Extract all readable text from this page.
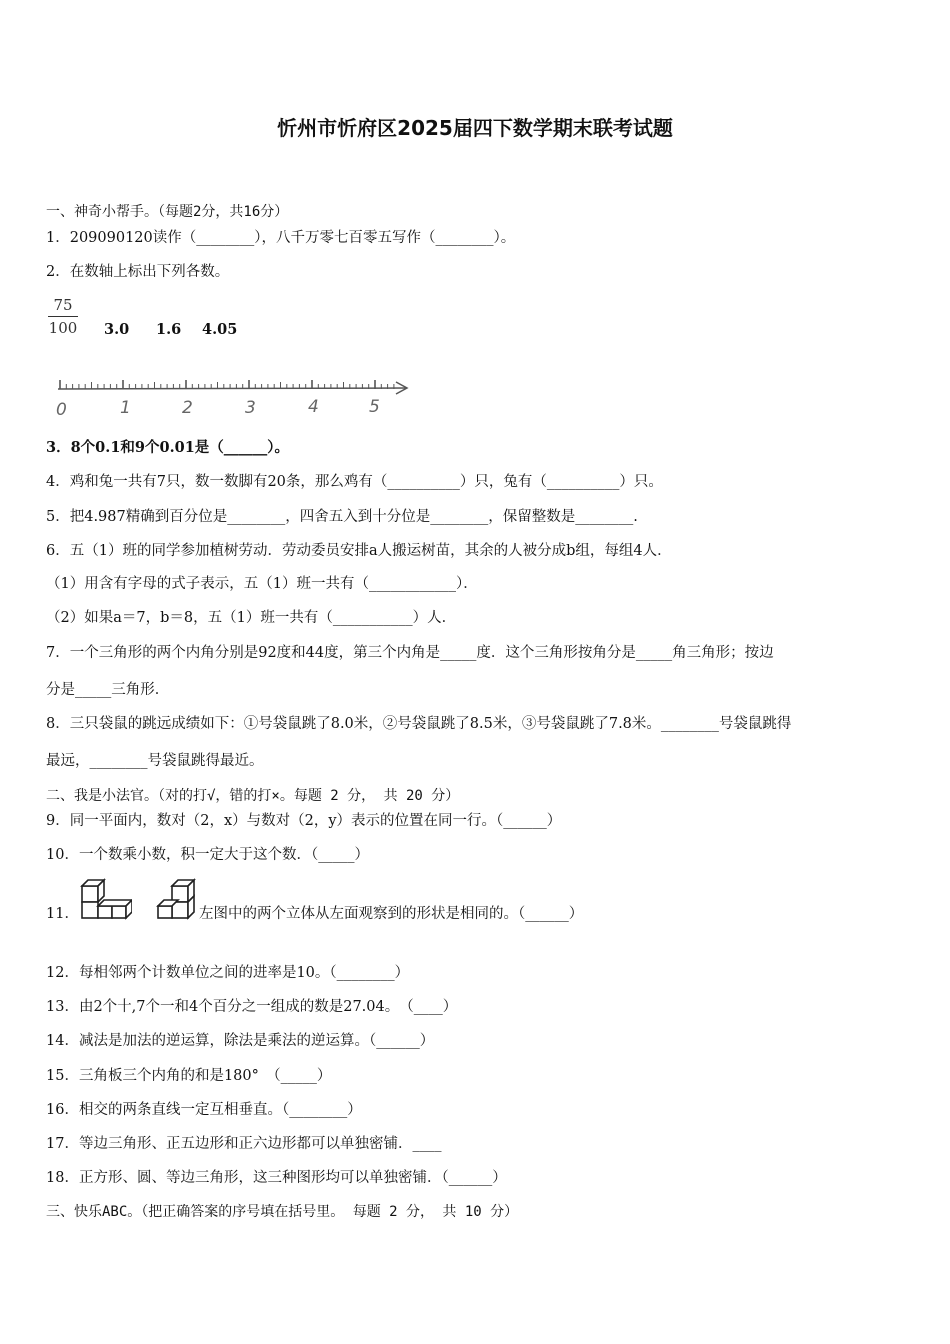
忻州市忻府区2025届四下数学期末联考试题
一、神奇小帮手。（每题2分，共16分）
1．209090120读作（________），八千万零七百零五写作（________）。
2．在数轴上标出下列各数。
$\frac{75}{100} 3.0$ 1.6 4.05
0	1	2	3	4	5
3．8个0.1和9个0.01是（______）。
4．鸡和兔一共有7只，数一数脚有20条，那么鸡有（__________）只，兔有（__________）只。
5．把4.987精确到百分位是________，四舍五入到十分位是________，保留整数是________.
6．五（1）班的同学参加植树劳动．劳动委员安排a人搬运树苗，其余的人被分成b组，每组4人．
（1）用含有字母的式子表示，五（1）班一共有（____________）．
（2）如果a＝7，b＝8，五（1）班一共有（___________）人．
7．一个三角形的两个内角分别是92度和44度，第三个内角是_____度．这个三角形按角分是_____角三角形；按边
分是_____三角形．
8．三只袋鼠的跳远成绩如下：①号袋鼠跳了8.0米，②号袋鼠跳了8.5米，③号袋鼠跳了7.8米。________号袋鼠跳得
最远，________号袋鼠跳得最近。
二、我是小法官。（对的打√，错的打×。每题 2 分， 共 20 分）
9．同一平面内，数对（2，x）与数对（2，y）表示的位置在同一行。（______）
10．一个数乘小数，积一定大于这个数．（_____）
11．	左图中的两个立体从左面观察到的形状是相同的。（______）
12．每相邻两个计数单位之间的进率是10。（________）
13．由2个十,7个一和4个百分之一组成的数是27.04。　（____）
14．减法是加法的逆运算，除法是乘法的逆运算。（______）
15．三角板三个内角的和是180°　（_____）
16．相交的两条直线一定互相垂直。（________）
17．等边三角形、正五边形和正六边形都可以单独密铺．____
18．正方形、圆、等边三角形，这三种图形均可以单独密铺．（______）
三、快乐ABC。（把正确答案的序号填在括号里。 每题 2 分， 共 10 分）
